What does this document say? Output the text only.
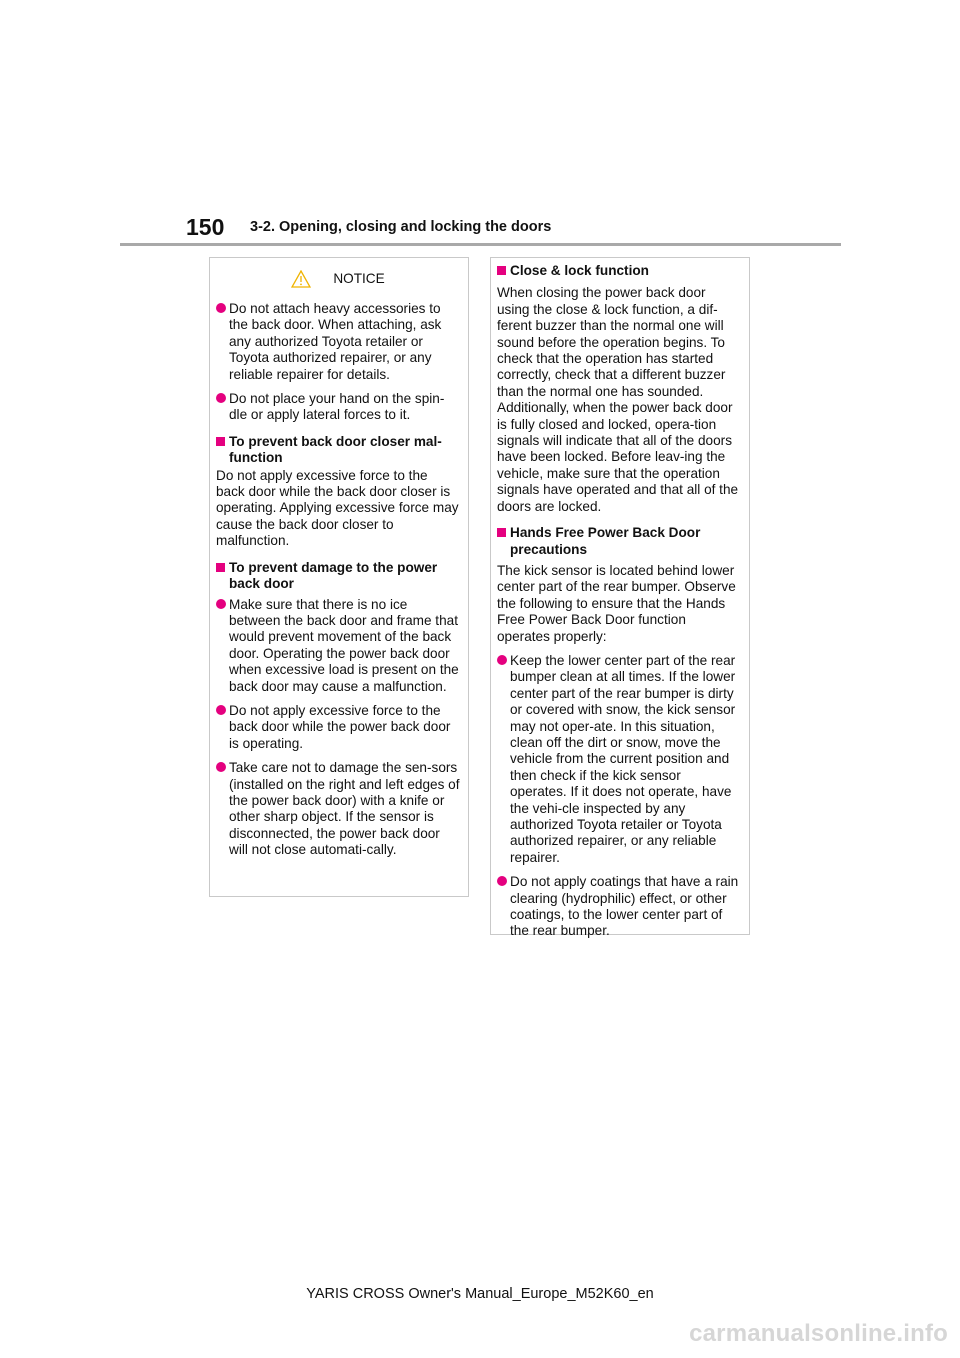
150 3-2. Opening, closing and locking the doors
NOTICE
Do not attach heavy accessories to the back door. When attaching, ask any authorized Toyota retailer or Toyota authorized repairer, or any reliable repairer for details.
Do not place your hand on the spin-dle or apply lateral forces to it.
To prevent back door closer mal-function
Do not apply excessive force to the back door while the back door closer is operating. Applying excessive force may cause the back door closer to malfunction.
To prevent damage to the power back door
Make sure that there is no ice between the back door and frame that would prevent movement of the back door. Operating the power back door when excessive load is present on the back door may cause a malfunction.
Do not apply excessive force to the back door while the power back door is operating.
Take care not to damage the sen-sors (installed on the right and left edges of the power back door) with a knife or other sharp object. If the sensor is disconnected, the power back door will not close automati-cally.
Close & lock function
When closing the power back door using the close & lock function, a dif-ferent buzzer than the normal one will sound before the operation begins. To check that the operation has started correctly, check that a different buzzer than the normal one has sounded. Additionally, when the power back door is fully closed and locked, opera-tion signals will indicate that all of the doors have been locked. Before leav-ing the vehicle, make sure that the operation signals have operated and that all of the doors are locked.
Hands Free Power Back Door precautions
The kick sensor is located behind lower center part of the rear bumper. Observe the following to ensure that the Hands Free Power Back Door function operates properly:
Keep the lower center part of the rear bumper clean at all times. If the lower center part of the rear bumper is dirty or covered with snow, the kick sensor may not oper-ate. In this situation, clean off the dirt or snow, move the vehicle from the current position and then check if the kick sensor operates. If it does not operate, have the vehi-cle inspected by any authorized Toyota retailer or Toyota authorized repairer, or any reliable repairer.
Do not apply coatings that have a rain clearing (hydrophilic) effect, or other coatings, to the lower center part of the rear bumper.
YARIS CROSS Owner's Manual_Europe_M52K60_en
carmanualsonline.info
